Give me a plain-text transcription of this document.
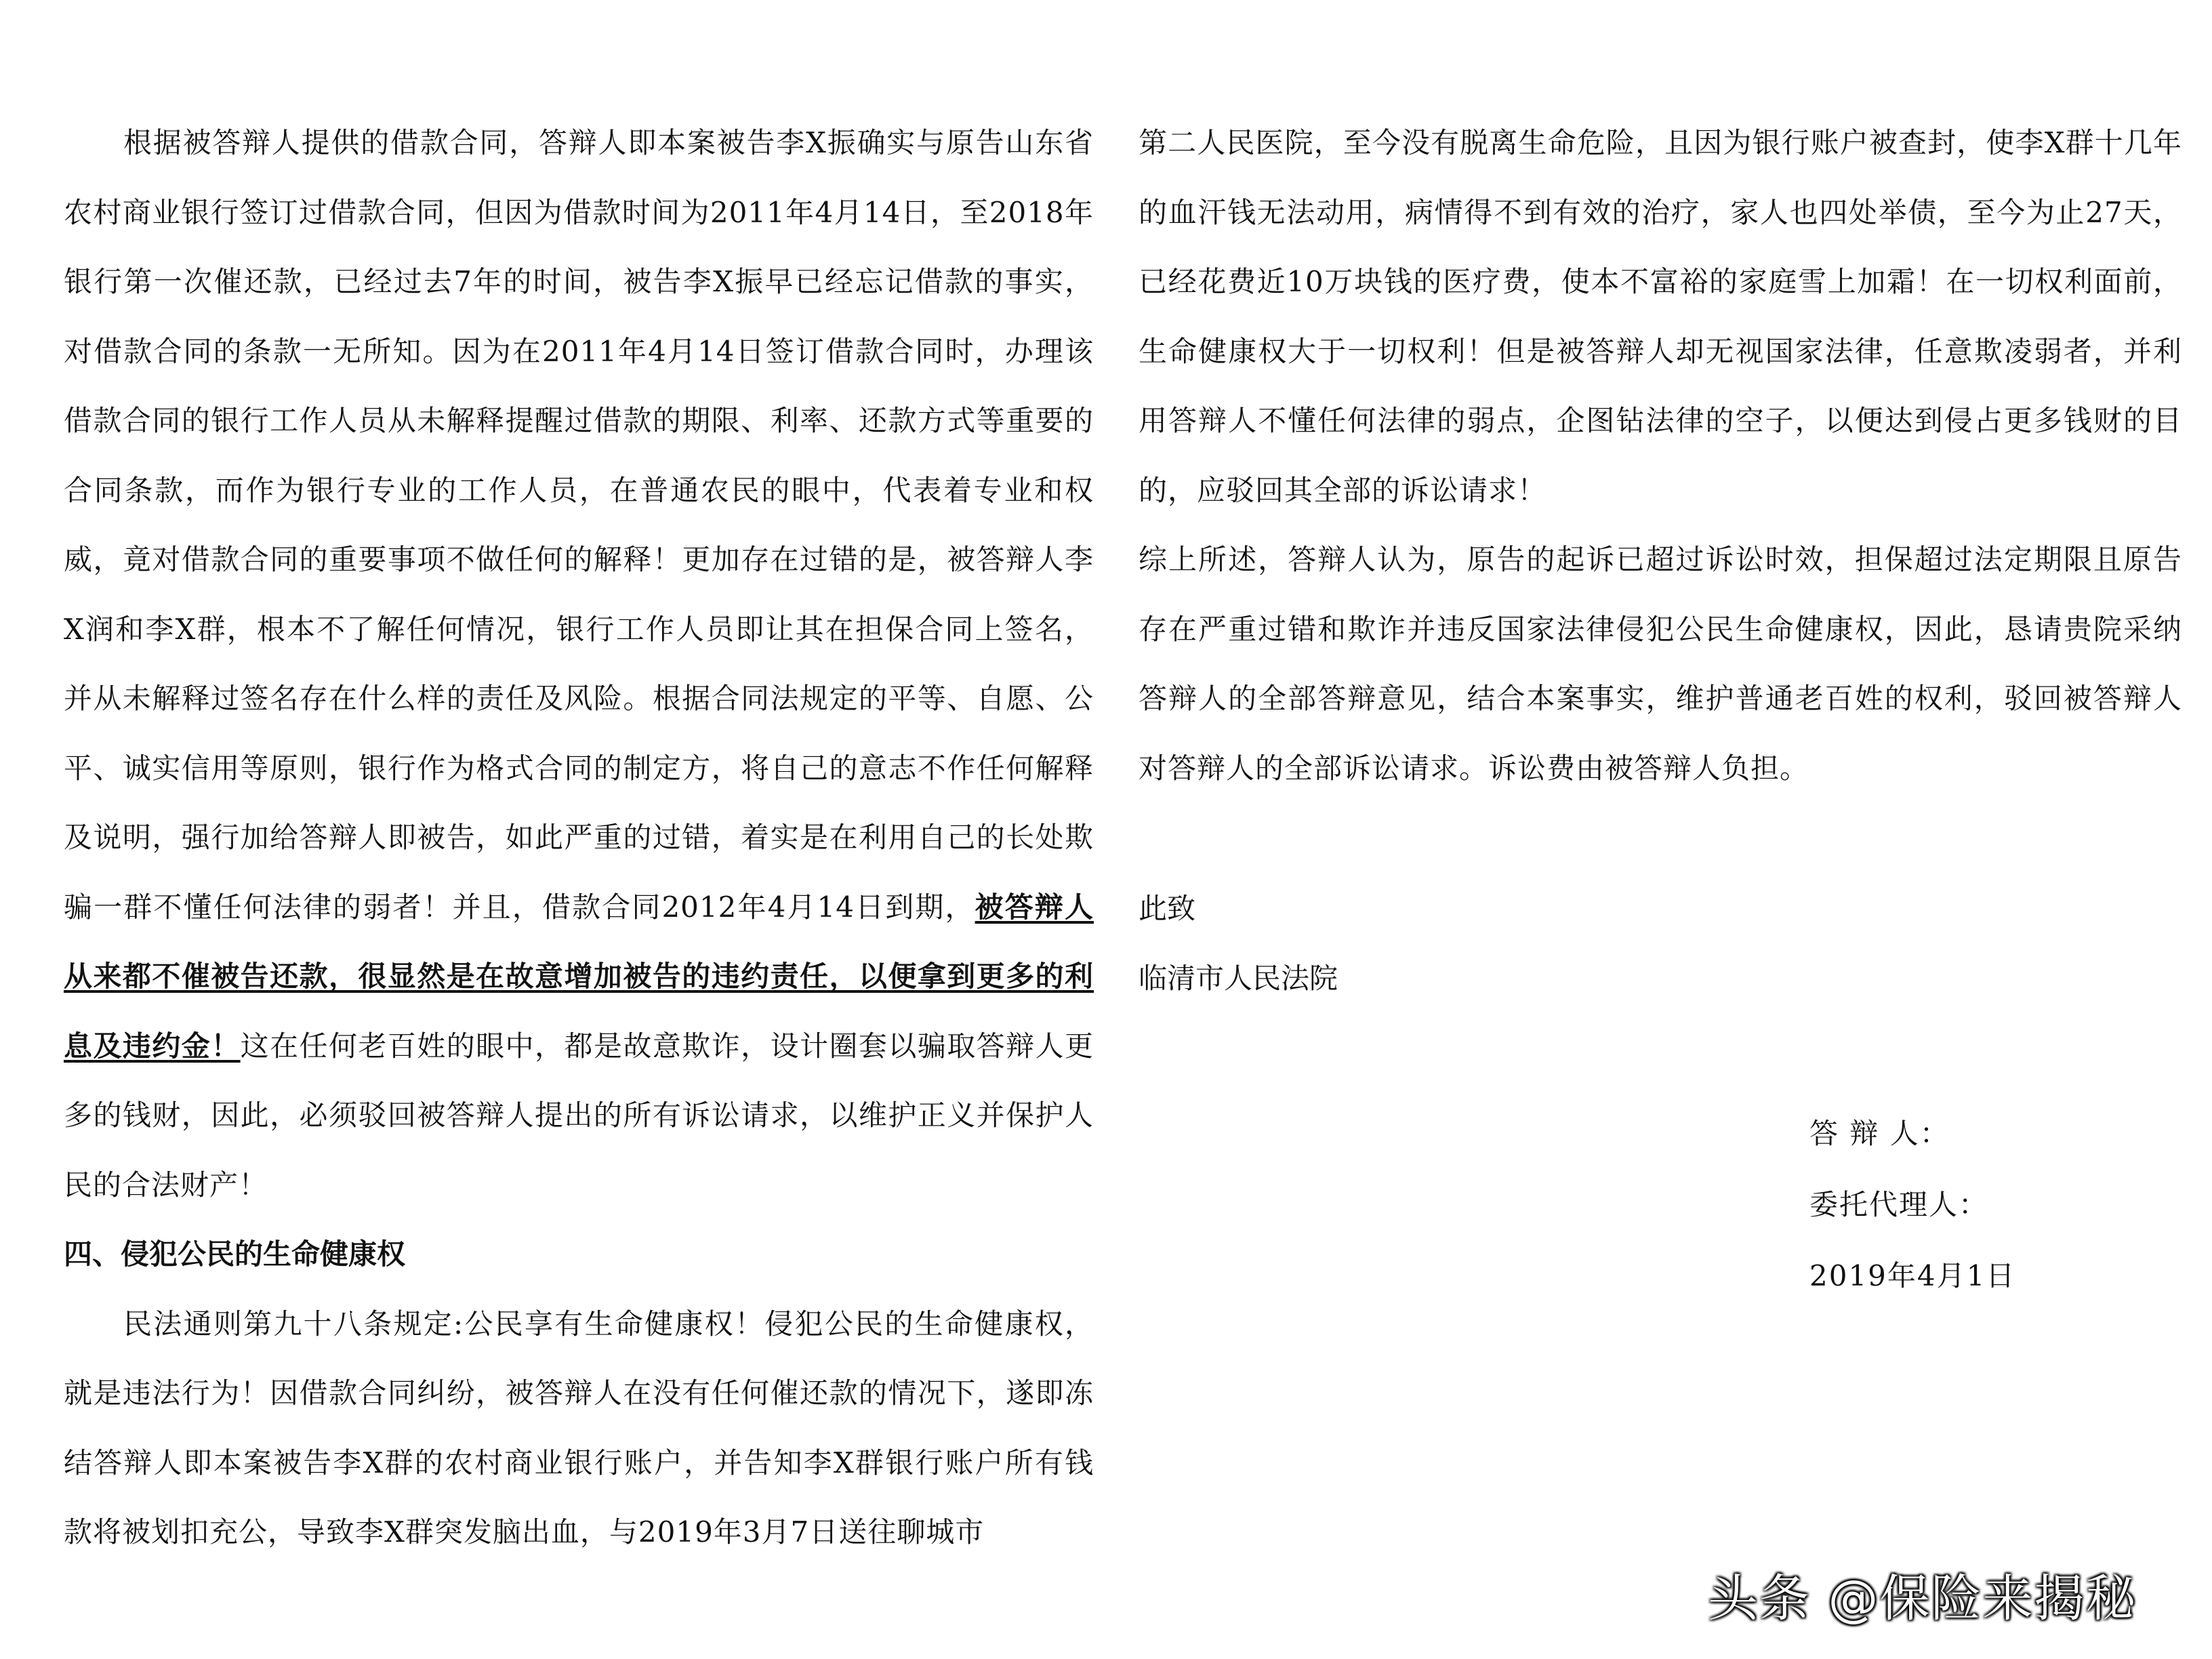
根据被答辩人提供的借款合同，答辩人即本案被告李X振确实与原告山东省农村商业银行签订过借款合同，但因为借款时间为2011年4月14日，至2018年银行第一次催还款，已经过去7年的时间，被告李X振早已经忘记借款的事实，对借款合同的条款一无所知。因为在2011年4月14日签订借款合同时，办理该借款合同的银行工作人员从未解释提醒过借款的期限、利率、还款方式等重要的合同条款，而作为银行专业的工作人员，在普通农民的眼中，代表着专业和权威，竟对借款合同的重要事项不做任何的解释！更加存在过错的是，被答辩人李X润和李X群，根本不了解任何情况，银行工作人员即让其在担保合同上签名，并从未解释过签名存在什么样的责任及风险。根据合同法规定的平等、自愿、公平、诚实信用等原则，银行作为格式合同的制定方，将自己的意志不作任何解释及说明，强行加给答辩人即被告，如此严重的过错，着实是在利用自己的长处欺骗一群不懂任何法律的弱者！并且，借款合同2012年4月14日到期，被答辩人从来都不催被告还款，很显然是在故意增加被告的违约责任，以便拿到更多的利息及违约金！这在任何老百姓的眼中，都是故意欺诈，设计圈套以骗取答辩人更多的钱财，因此，必须驳回被答辩人提出的所有诉讼请求，以维护正义并保护人民的合法财产！

四、侵犯公民的生命健康权

民法通则第九十八条规定:公民享有生命健康权！侵犯公民的生命健康权，就是违法行为！因借款合同纠纷，被答辩人在没有任何催还款的情况下，遂即冻结答辩人即本案被告李X群的农村商业银行账户，并告知李X群银行账户所有钱款将被划扣充公，导致李X群突发脑出血，与2019年3月7日送往聊城市

第二人民医院，至今没有脱离生命危险，且因为银行账户被查封，使李X群十几年的血汗钱无法动用，病情得不到有效的治疗，家人也四处举债，至今为止27天，已经花费近10万块钱的医疗费，使本不富裕的家庭雪上加霜！在一切权利面前，生命健康权大于一切权利！但是被答辩人却无视国家法律，任意欺凌弱者，并利用答辩人不懂任何法律的弱点，企图钻法律的空子，以便达到侵占更多钱财的目的，应驳回其全部的诉讼请求！

综上所述，答辩人认为，原告的起诉已超过诉讼时效，担保超过法定期限且原告存在严重过错和欺诈并违反国家法律侵犯公民生命健康权，因此，恳请贵院采纳答辩人的全部答辩意见，结合本案事实，维护普通老百姓的权利，驳回被答辩人对答辩人的全部诉讼请求。诉讼费由被答辩人负担。

此致

临清市人民法院

答 辩 人：

委托代理人：

2019年4月1日

头条 @保险来揭秘
